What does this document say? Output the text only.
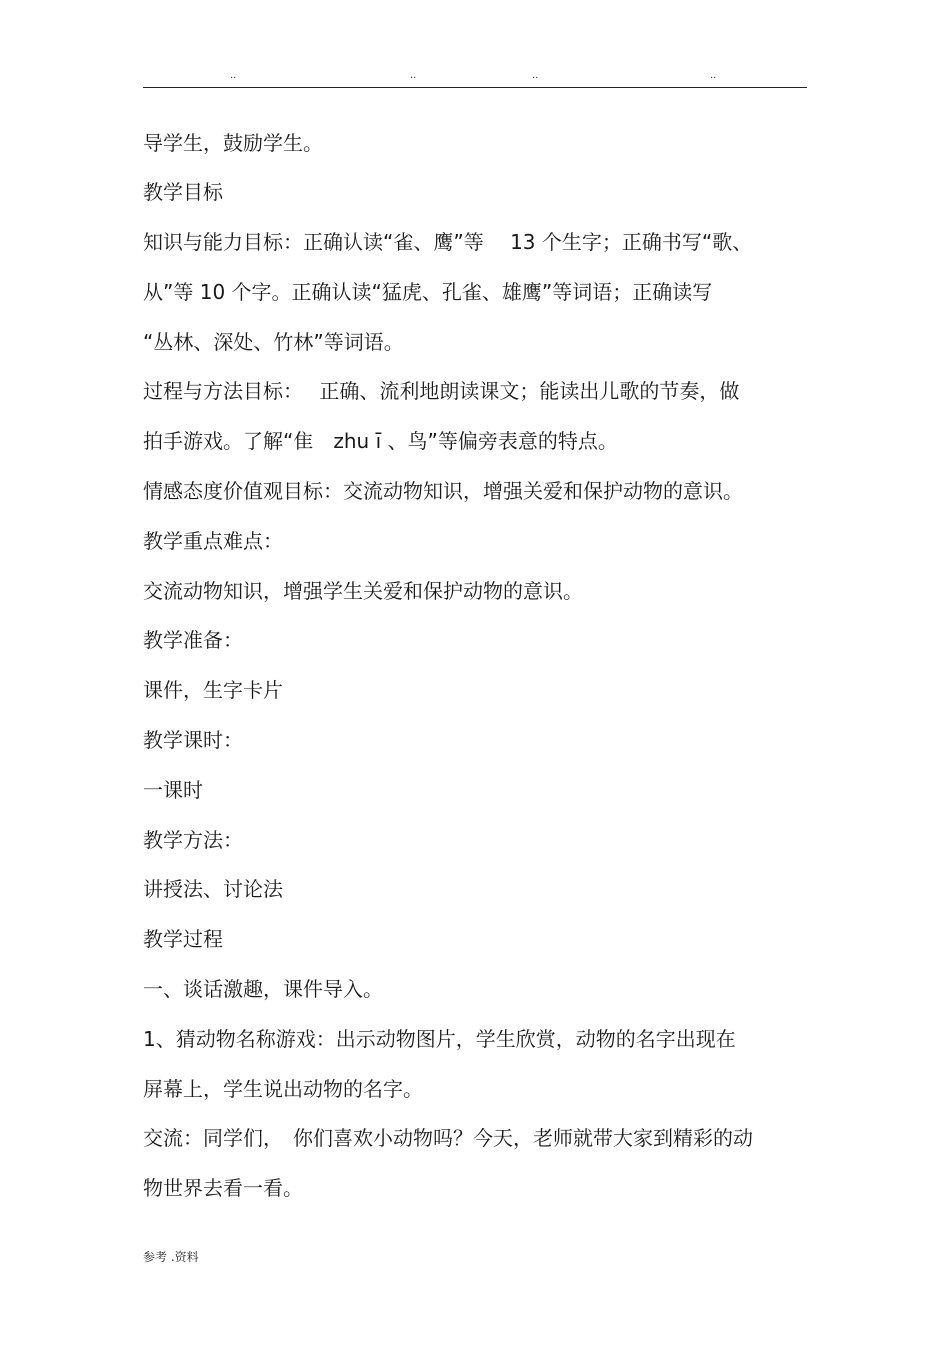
..	..	..	..
导学生，鼓励学生。
教学目标
知识与能力目标：正确认读“雀、鹰”等　 13 个生字；正确书写“歌、
从”等 10 个字。正确认读“猛虎、孔雀、雄鹰”等词语；正确读写
“丛林、深处、竹林”等词语。
过程与方法目标：　 正确、流利地朗读课文；能读出儿歌的节奏，做
拍手游戏。了解“隹　zhu ī 、鸟”等偏旁表意的特点。
情感态度价值观目标：交流动物知识，增强关爱和保护动物的意识。
教学重点难点：
交流动物知识，增强学生关爱和保护动物的意识。
教学准备：
课件，生字卡片
教学课时：
一课时
教学方法：
讲授法、讨论法
教学过程
一、谈话激趣，课件导入。
1、猜动物名称游戏：出示动物图片，学生欣赏，动物的名字出现在
屏幕上，学生说出动物的名字。
交流：同学们，　你们喜欢小动物吗？今天，老师就带大家到精彩的动
物世界去看一看。
参考 .资料
